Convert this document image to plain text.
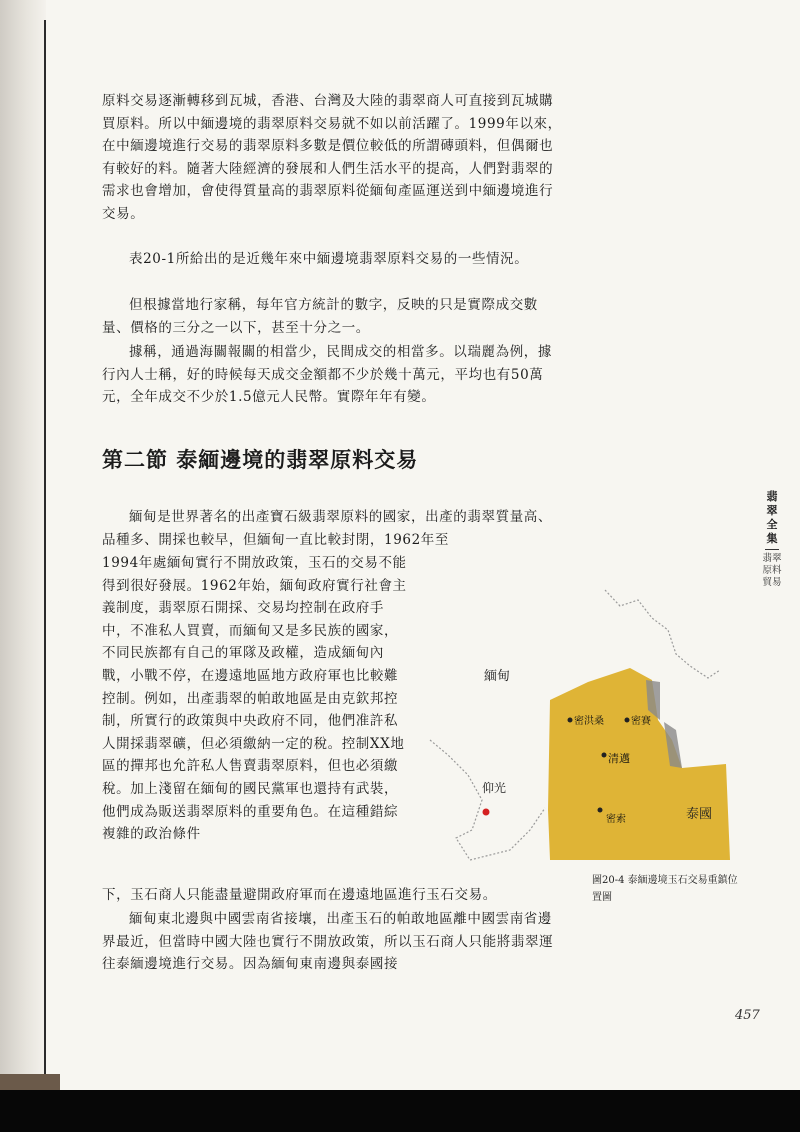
原料交易逐漸轉移到瓦城，香港、台灣及大陸的翡翠商人可直接到瓦城購買原料。所以中緬邊境的翡翠原料交易就不如以前活躍了。1999年以來，在中緬邊境進行交易的翡翠原料多數是價位較低的所謂磚頭料，但偶爾也有較好的料。隨著大陸經濟的發展和人們生活水平的提高，人們對翡翠的需求也會增加，會使得質量高的翡翠原料從緬甸產區運送到中緬邊境進行交易。

表20-1所給出的是近幾年來中緬邊境翡翠原料交易的一些情況。

但根據當地行家稱，每年官方統計的數字，反映的只是實際成交數量、價格的三分之一以下，甚至十分之一。

據稱，通過海關報關的相當少，民間成交的相當多。以瑞麗為例，據行內人士稱，好的時候每天成交金額都不少於幾十萬元，平均也有50萬元，全年成交不少於1.5億元人民幣。實際年年有變。

第二節 泰緬邊境的翡翠原料交易

緬甸是世界著名的出產寶石級翡翠原料的國家，出產的翡翠質量高、品種多、開採也較早，但緬甸一直比較封閉，1962年至

1994年處緬甸實行不開放政策，玉石的交易不能得到很好發展。1962年始，緬甸政府實行社會主義制度，翡翠原石開採、交易均控制在政府手中，不准私人買賣，而緬甸又是多民族的國家，不同民族都有自己的軍隊及政權，造成緬甸內戰，小戰不停，在邊遠地區地方政府軍也比較難控制。例如，出產翡翠的帕敢地區是由克欽邦控制，所實行的政策與中央政府不同，他們准許私人開採翡翠礦，但必須繳納一定的稅。控制XX地區的撣邦也允許私人售賣翡翠原料，但也必須繳稅。加上淺留在緬甸的國民黨軍也還持有武裝，他們成為販送翡翠原料的重要角色。在這種錯綜複雜的政治條件

下，玉石商人只能盡量避開政府軍而在邊遠地區進行玉石交易。

緬甸東北邊與中國雲南省接壤，出產玉石的帕敢地區離中國雲南省邊界最近，但當時中國大陸也實行不開放政策，所以玉石商人只能將翡翠運往泰緬邊境進行交易。因為緬甸東南邊與泰國接

翡翠全集
翡翠原料貿易
緬甸
仰光
泰國
密洪桑	密賽
清邁
密索

圖20-4 泰緬邊境玉石交易重鎮位置圖

457
